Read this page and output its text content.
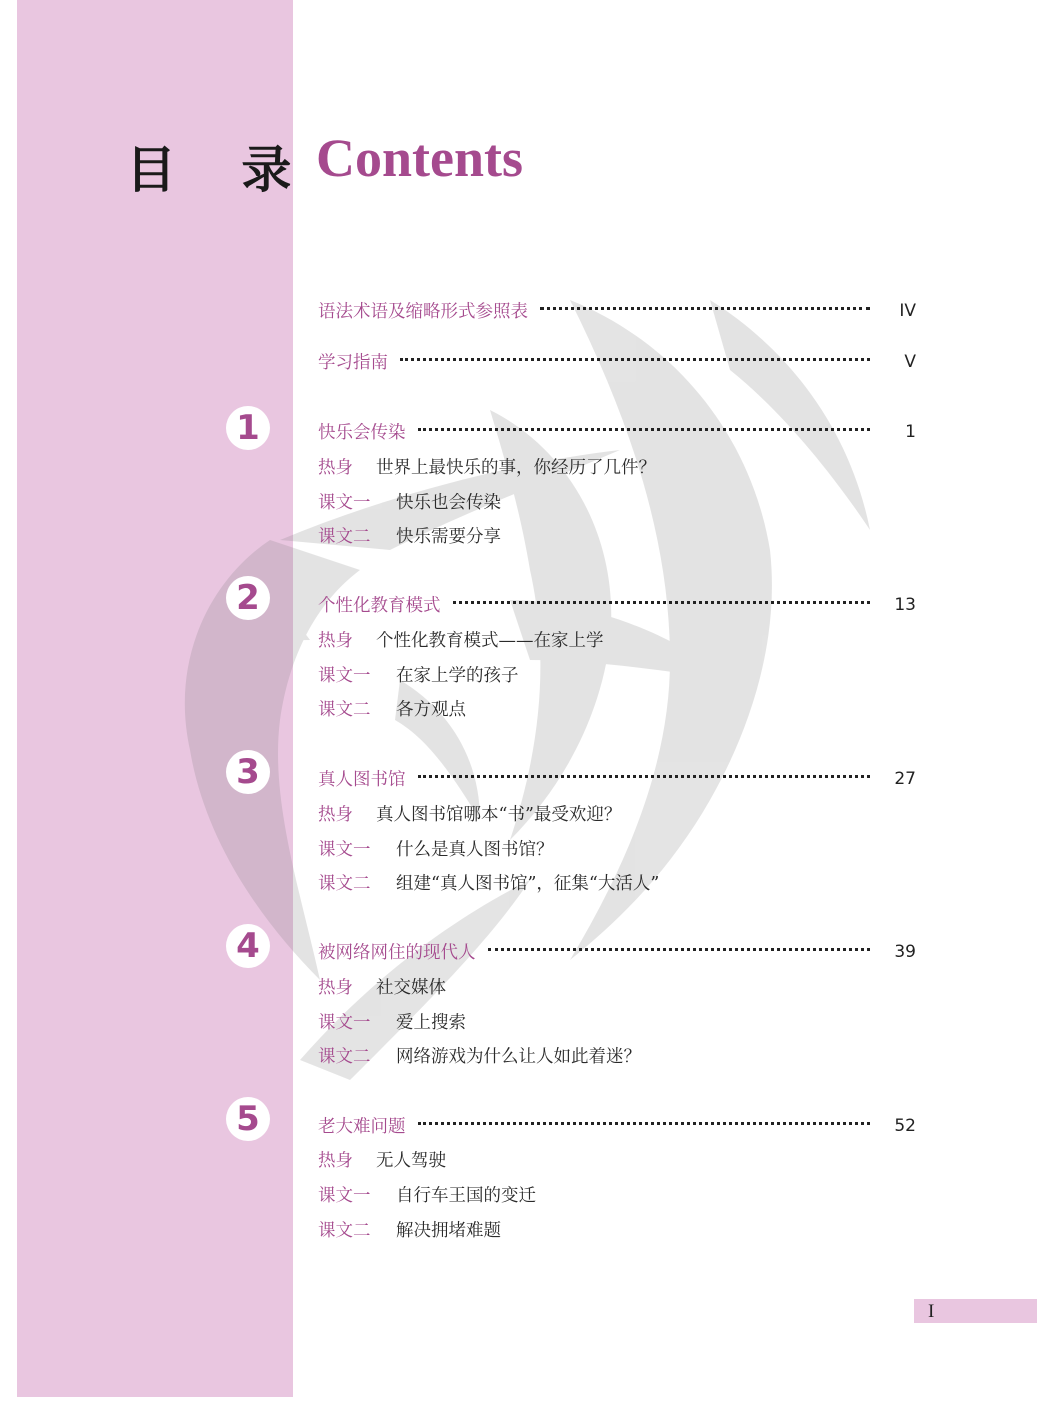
目 录 Contents
语法术语及缩略形式参照表	IV
学习指南	V
1	快乐会传染	1
热身	世界上最快乐的事，你经历了几件？
课文一	快乐也会传染
课文二	快乐需要分享
2	个性化教育模式	13
热身	个性化教育模式——在家上学
课文一	在家上学的孩子
课文二	各方观点
3	真人图书馆	27
热身	真人图书馆哪本“书”最受欢迎？
课文一	什么是真人图书馆？
课文二	组建“真人图书馆”，征集“大活人”
4	被网络网住的现代人	39
热身	社交媒体
课文一	爱上搜索
课文二	网络游戏为什么让人如此着迷？
5	老大难问题	52
热身	无人驾驶
课文一	自行车王国的变迁
课文二	解决拥堵难题
I
